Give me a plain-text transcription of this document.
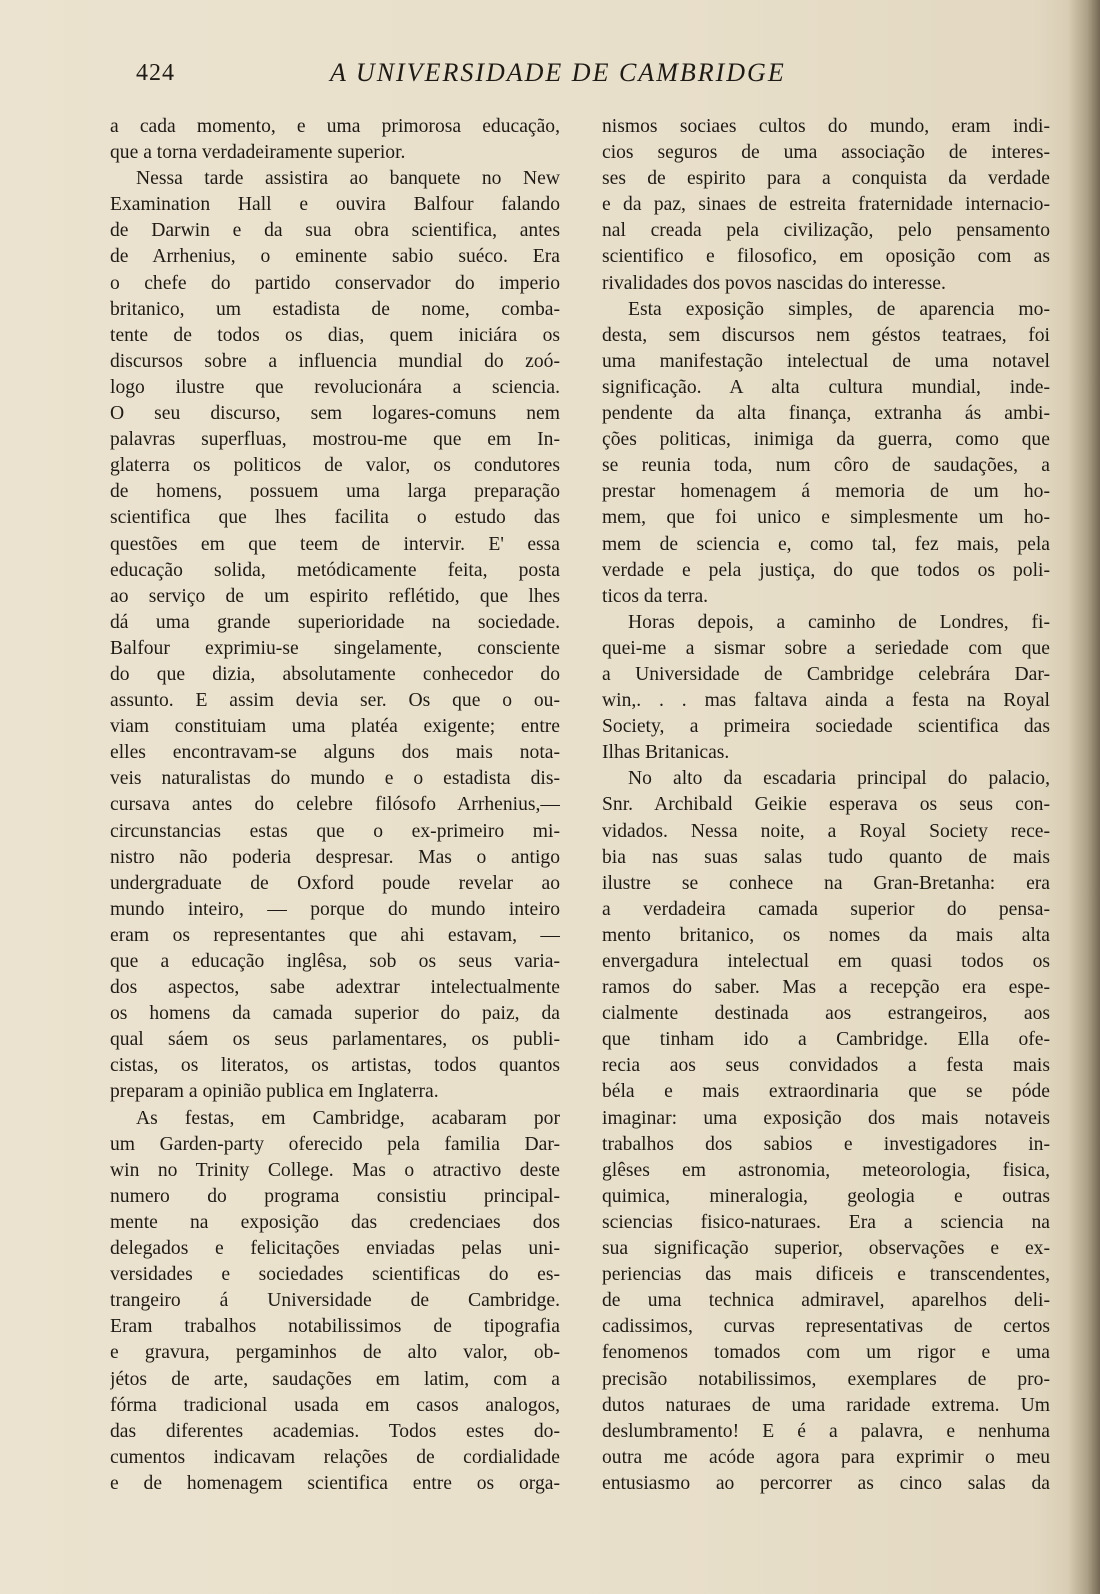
424	A UNIVERSIDADE DE CAMBRIDGE
a cada momento, e uma primorosa educação,
que a torna verdadeiramente superior.
Nessa tarde assistira ao banquete no New
Examination Hall e ouvira Balfour falando
de Darwin e da sua obra scientifica, antes
de Arrhenius, o eminente sabio suéco. Era
o chefe do partido conservador do imperio
britanico, um estadista de nome, comba-
tente de todos os dias, quem iniciára os
discursos sobre a influencia mundial do zoó-
logo ilustre que revolucionára a sciencia.
O seu discurso, sem logares-comuns nem
palavras superfluas, mostrou-me que em In-
glaterra os politicos de valor, os condutores
de homens, possuem uma larga preparação
scientifica que lhes facilita o estudo das
questões em que teem de intervir. E' essa
educação solida, metódicamente feita, posta
ao serviço de um espirito reflétido, que lhes
dá uma grande superioridade na sociedade.
Balfour exprimiu-se singelamente, consciente
do que dizia, absolutamente conhecedor do
assunto. E assim devia ser. Os que o ou-
viam constituiam uma platéa exigente; entre
elles encontravam-se alguns dos mais nota-
veis naturalistas do mundo e o estadista dis-
cursava antes do celebre filósofo Arrhenius,—
circunstancias estas que o ex-primeiro mi-
nistro não poderia despresar. Mas o antigo
undergraduate de Oxford poude revelar ao
mundo inteiro, — porque do mundo inteiro
eram os representantes que ahi estavam, —
que a educação inglêsa, sob os seus varia-
dos aspectos, sabe adextrar intelectualmente
os homens da camada superior do paiz, da
qual sáem os seus parlamentares, os publi-
cistas, os literatos, os artistas, todos quantos
preparam a opinião publica em Inglaterra.
As festas, em Cambridge, acabaram por
um Garden-party oferecido pela familia Dar-
win no Trinity College. Mas o atractivo deste
numero do programa consistiu principal-
mente na exposição das credenciaes dos
delegados e felicitações enviadas pelas uni-
versidades e sociedades scientificas do es-
trangeiro á Universidade de Cambridge.
Eram trabalhos notabilissimos de tipografia
e gravura, pergaminhos de alto valor, ob-
jétos de arte, saudações em latim, com a
fórma tradicional usada em casos analogos,
das diferentes academias. Todos estes do-
cumentos indicavam relações de cordialidade
e de homenagem scientifica entre os orga-
nismos sociaes cultos do mundo, eram indi-
cios seguros de uma associação de interes-
ses de espirito para a conquista da verdade
e da paz, sinaes de estreita fraternidade internacio-
nal creada pela civilização, pelo pensamento
scientifico e filosofico, em oposição com as
rivalidades dos povos nascidas do interesse.
Esta exposição simples, de aparencia mo-
desta, sem discursos nem géstos teatraes, foi
uma manifestação intelectual de uma notavel
significação. A alta cultura mundial, inde-
pendente da alta finança, extranha ás ambi-
ções politicas, inimiga da guerra, como que
se reunia toda, num côro de saudações, a
prestar homenagem á memoria de um ho-
mem, que foi unico e simplesmente um ho-
mem de sciencia e, como tal, fez mais, pela
verdade e pela justiça, do que todos os poli-
ticos da terra.
Horas depois, a caminho de Londres, fi-
quei-me a sismar sobre a seriedade com que
a Universidade de Cambridge celebrára Dar-
win,. . . mas faltava ainda a festa na Royal
Society, a primeira sociedade scientifica das
Ilhas Britanicas.
No alto da escadaria principal do palacio,
Snr. Archibald Geikie esperava os seus con-
vidados. Nessa noite, a Royal Society rece-
bia nas suas salas tudo quanto de mais
ilustre se conhece na Gran-Bretanha: era
a verdadeira camada superior do pensa-
mento britanico, os nomes da mais alta
envergadura intelectual em quasi todos os
ramos do saber. Mas a recepção era espe-
cialmente destinada aos estrangeiros, aos
que tinham ido a Cambridge. Ella ofe-
recia aos seus convidados a festa mais
béla e mais extraordinaria que se póde
imaginar: uma exposição dos mais notaveis
trabalhos dos sabios e investigadores in-
glêses em astronomia, meteorologia, fisica,
quimica, mineralogia, geologia e outras
sciencias fisico-naturaes. Era a sciencia na
sua significação superior, observações e ex-
periencias das mais dificeis e transcendentes,
de uma technica admiravel, aparelhos deli-
cadissimos, curvas representativas de certos
fenomenos tomados com um rigor e uma
precisão notabilissimos, exemplares de pro-
dutos naturaes de uma raridade extrema. Um
deslumbramento! E é a palavra, e nenhuma
outra me acóde agora para exprimir o meu
entusiasmo ao percorrer as cinco salas da
